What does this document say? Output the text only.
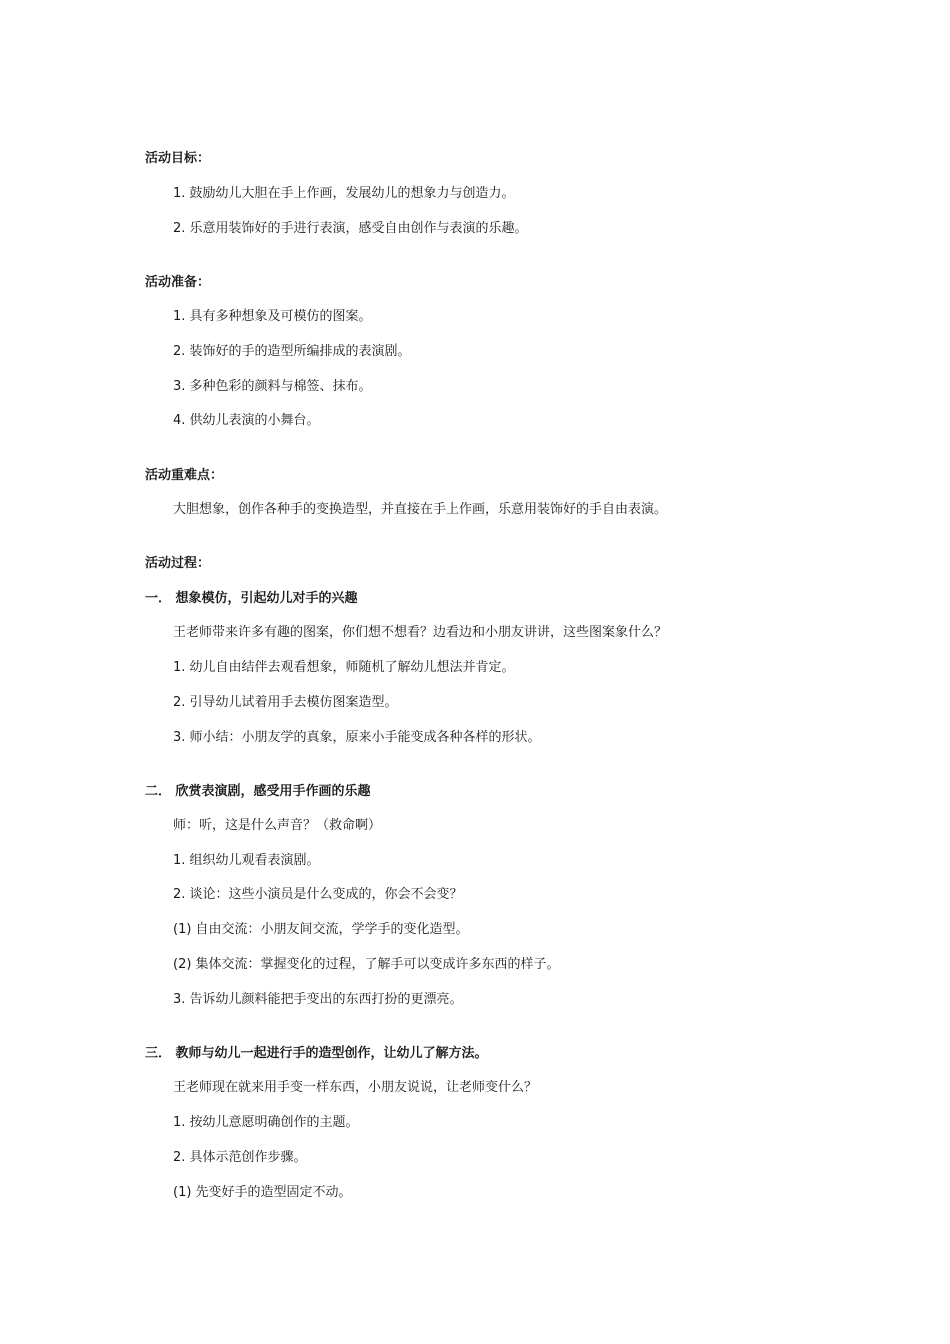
活动目标：
1. 鼓励幼儿大胆在手上作画，发展幼儿的想象力与创造力。
2. 乐意用装饰好的手进行表演，感受自由创作与表演的乐趣。
活动准备：
1. 具有多种想象及可模仿的图案。
2. 装饰好的手的造型所编排成的表演剧。
3. 多种色彩的颜料与棉签、抹布。
4. 供幼儿表演的小舞台。
活动重难点：
大胆想象，创作各种手的变换造型，并直接在手上作画，乐意用装饰好的手自由表演。
活动过程：
一． 想象模仿，引起幼儿对手的兴趣
王老师带来许多有趣的图案，你们想不想看？边看边和小朋友讲讲，这些图案象什么？
1. 幼儿自由结伴去观看想象，师随机了解幼儿想法并肯定。
2. 引导幼儿试着用手去模仿图案造型。
3. 师小结：小朋友学的真象，原来小手能变成各种各样的形状。
二． 欣赏表演剧，感受用手作画的乐趣
师：听，这是什么声音？（救命啊）
1. 组织幼儿观看表演剧。
2. 谈论：这些小演员是什么变成的，你会不会变？
(1) 自由交流：小朋友间交流，学学手的变化造型。
(2) 集体交流：掌握变化的过程，了解手可以变成许多东西的样子。
3. 告诉幼儿颜料能把手变出的东西打扮的更漂亮。
三． 教师与幼儿一起进行手的造型创作，让幼儿了解方法。
王老师现在就来用手变一样东西，小朋友说说，让老师变什么？
1. 按幼儿意愿明确创作的主题。
2. 具体示范创作步骤。
(1) 先变好手的造型固定不动。
